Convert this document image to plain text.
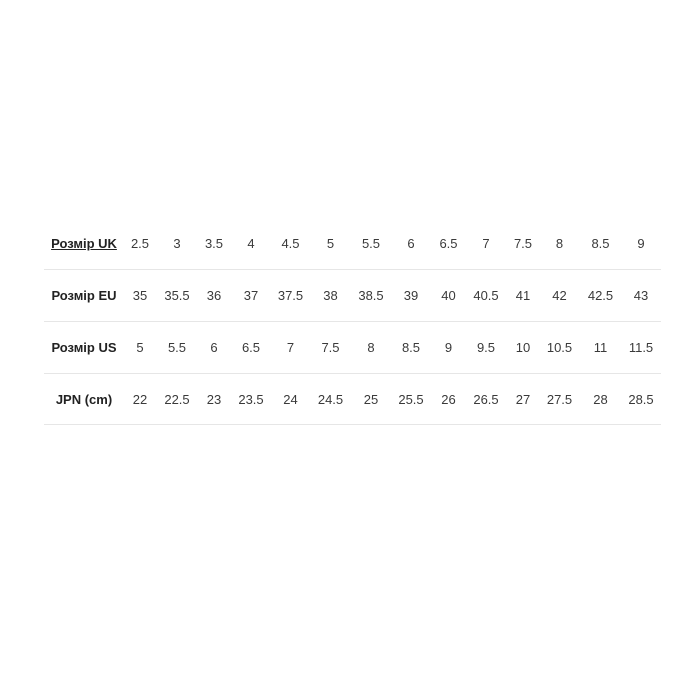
Розмір UK	2.5	3	3.5	4	4.5	5	5.5	6	6.5	7	7.5	8	8.5	9
Розмір EU	35	35.5	36	37	37.5	38	38.5	39	40	40.5	41	42	42.5	43
Розмір US	5	5.5	6	6.5	7	7.5	8	8.5	9	9.5	10	10.5	11	11.5
JPN (cm)	22	22.5	23	23.5	24	24.5	25	25.5	26	26.5	27	27.5	28	28.5
